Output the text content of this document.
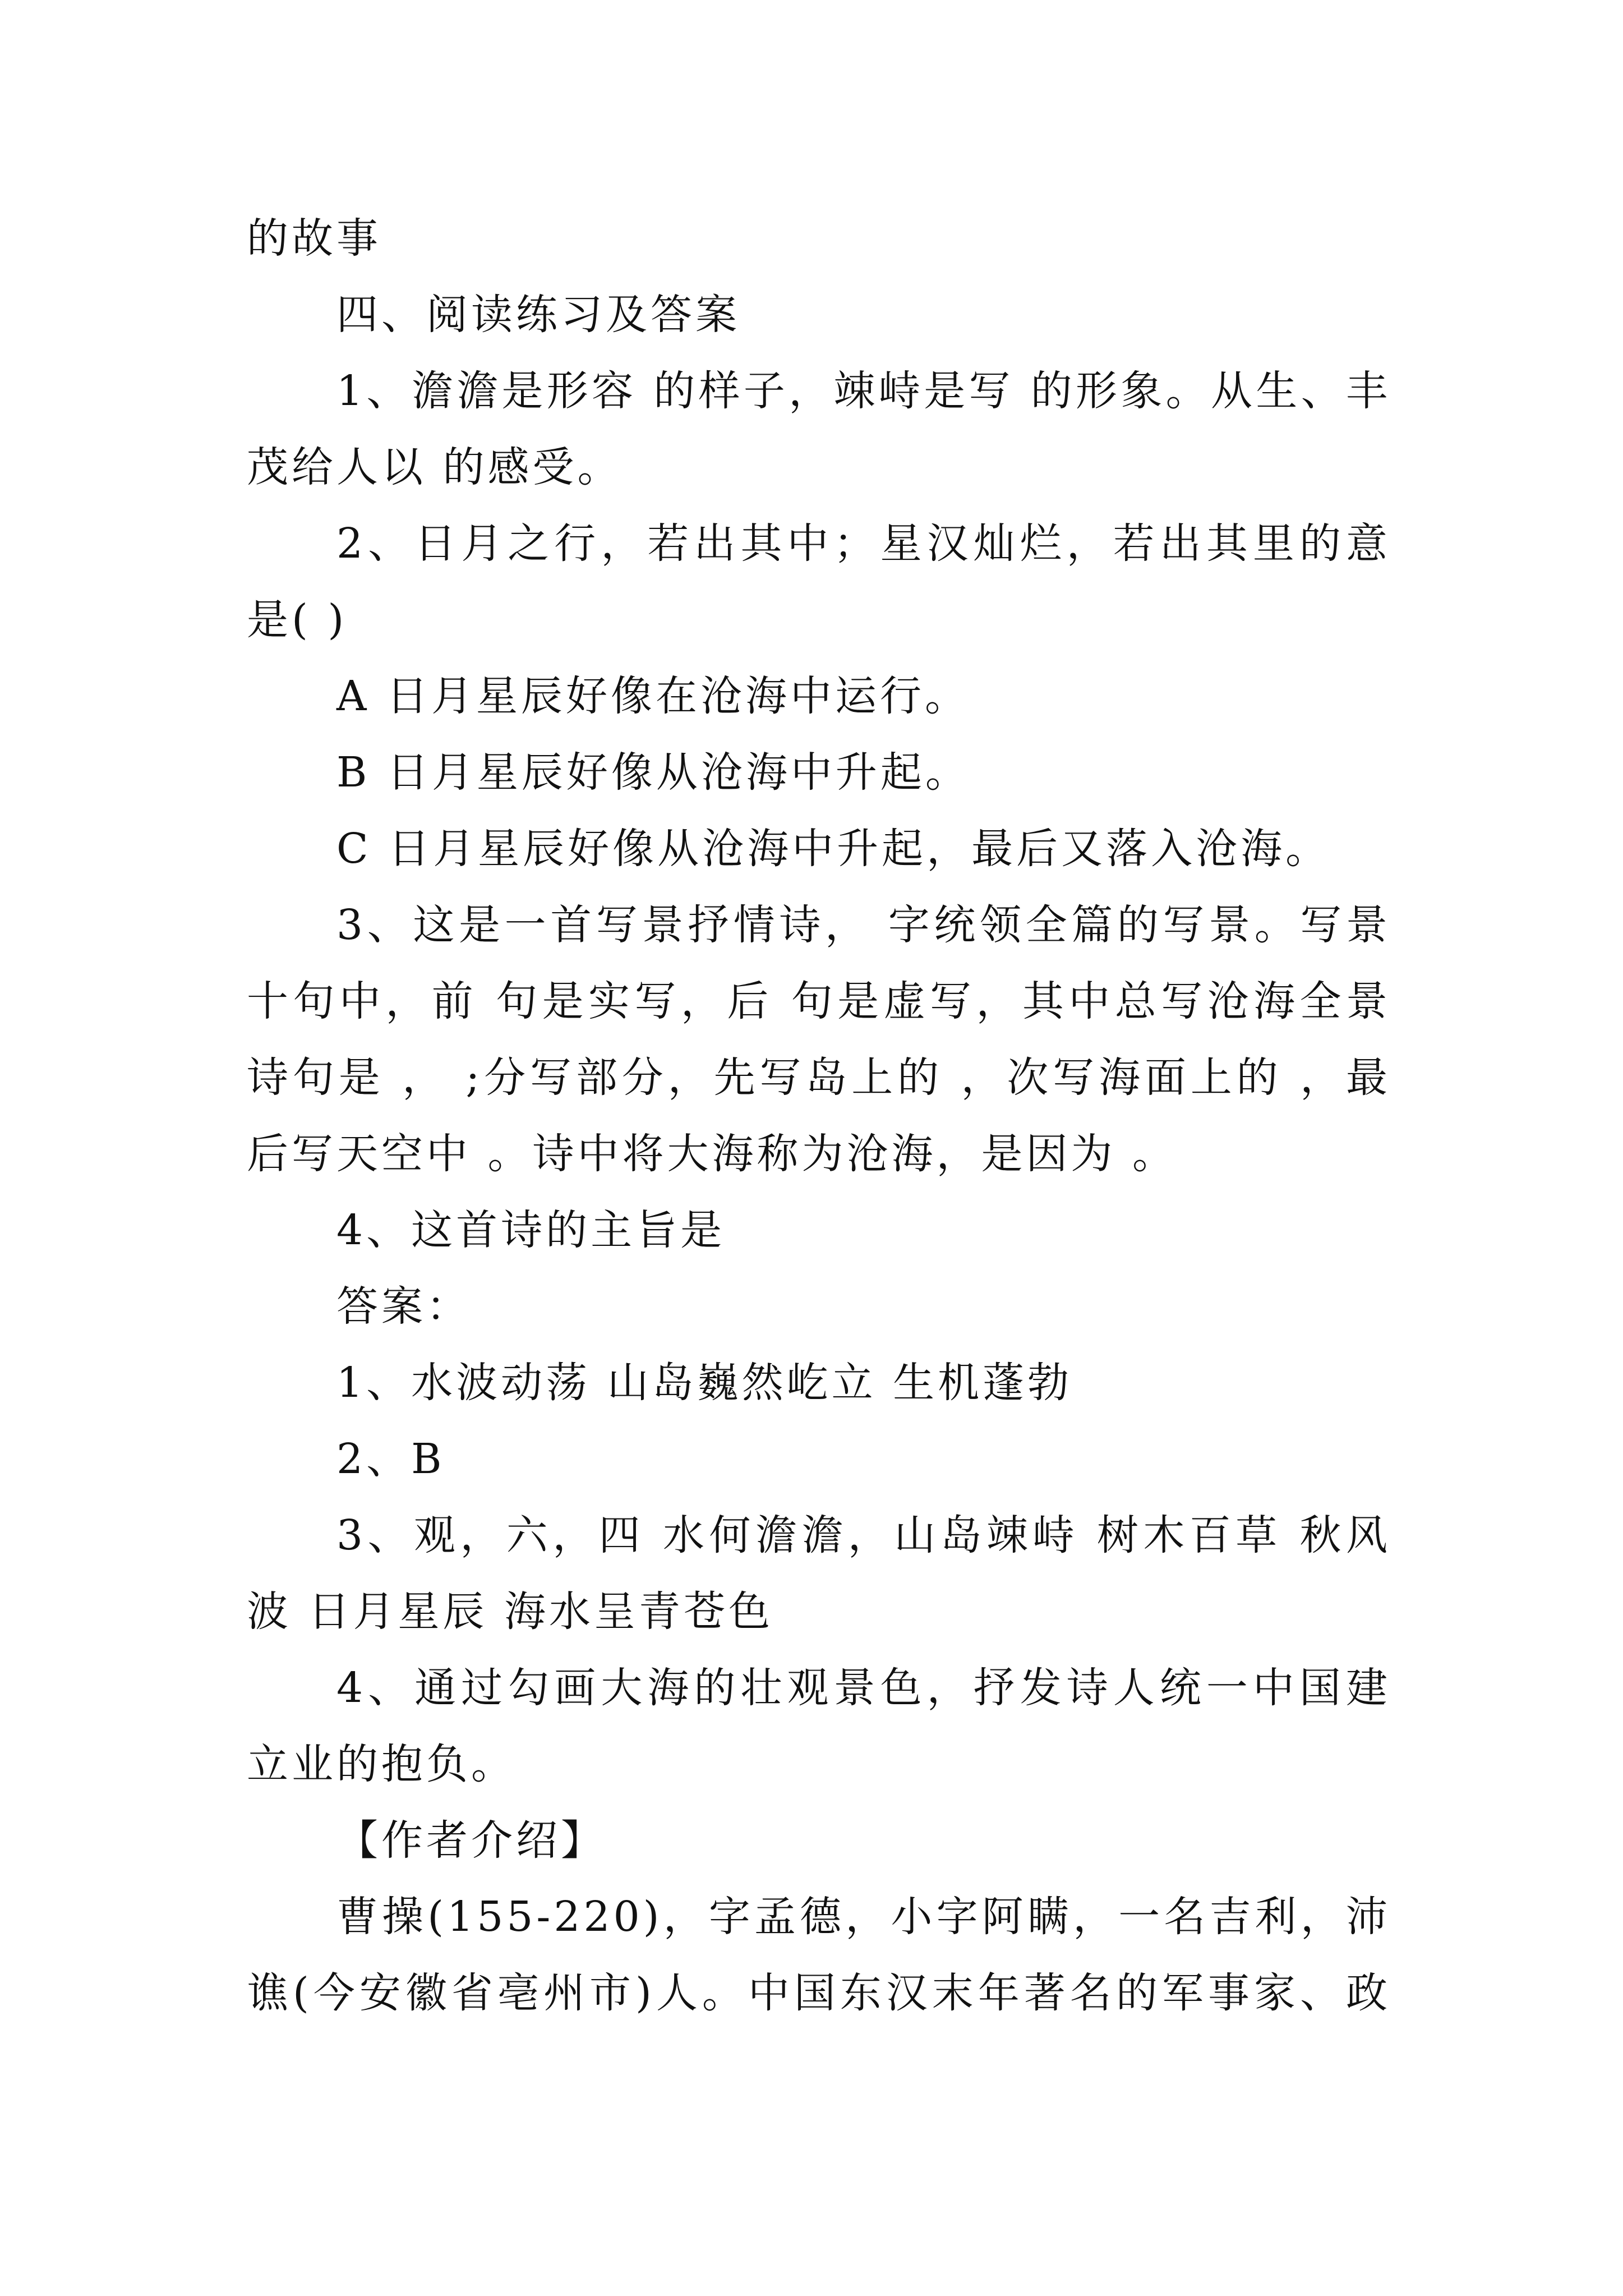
的故事
四、阅读练习及答案
1、澹澹是形容 的样子，竦峙是写 的形象。从生、丰
茂给人以 的感受。
2、日月之行，若出其中；星汉灿烂，若出其里的意
是( )
A 日月星辰好像在沧海中运行。
B 日月星辰好像从沧海中升起。
C 日月星辰好像从沧海中升起，最后又落入沧海。
3、这是一首写景抒情诗， 字统领全篇的写景。写景
十句中，前 句是实写，后 句是虚写，其中总写沧海全景
诗句是 ， ;分写部分，先写岛上的 ，次写海面上的 ，最
后写天空中 。诗中将大海称为沧海，是因为 。
4、这首诗的主旨是
答案：
1、水波动荡 山岛巍然屹立 生机蓬勃
2、B
3、观，六，四 水何澹澹，山岛竦峙 树木百草 秋风
波 日月星辰 海水呈青苍色
4、通过勾画大海的壮观景色，抒发诗人统一中国建
立业的抱负。
【作者介绍】
曹操(155-220)，字孟德，小字阿瞒，一名吉利，沛
谯(今安徽省亳州市)人。中国东汉末年著名的军事家、政
